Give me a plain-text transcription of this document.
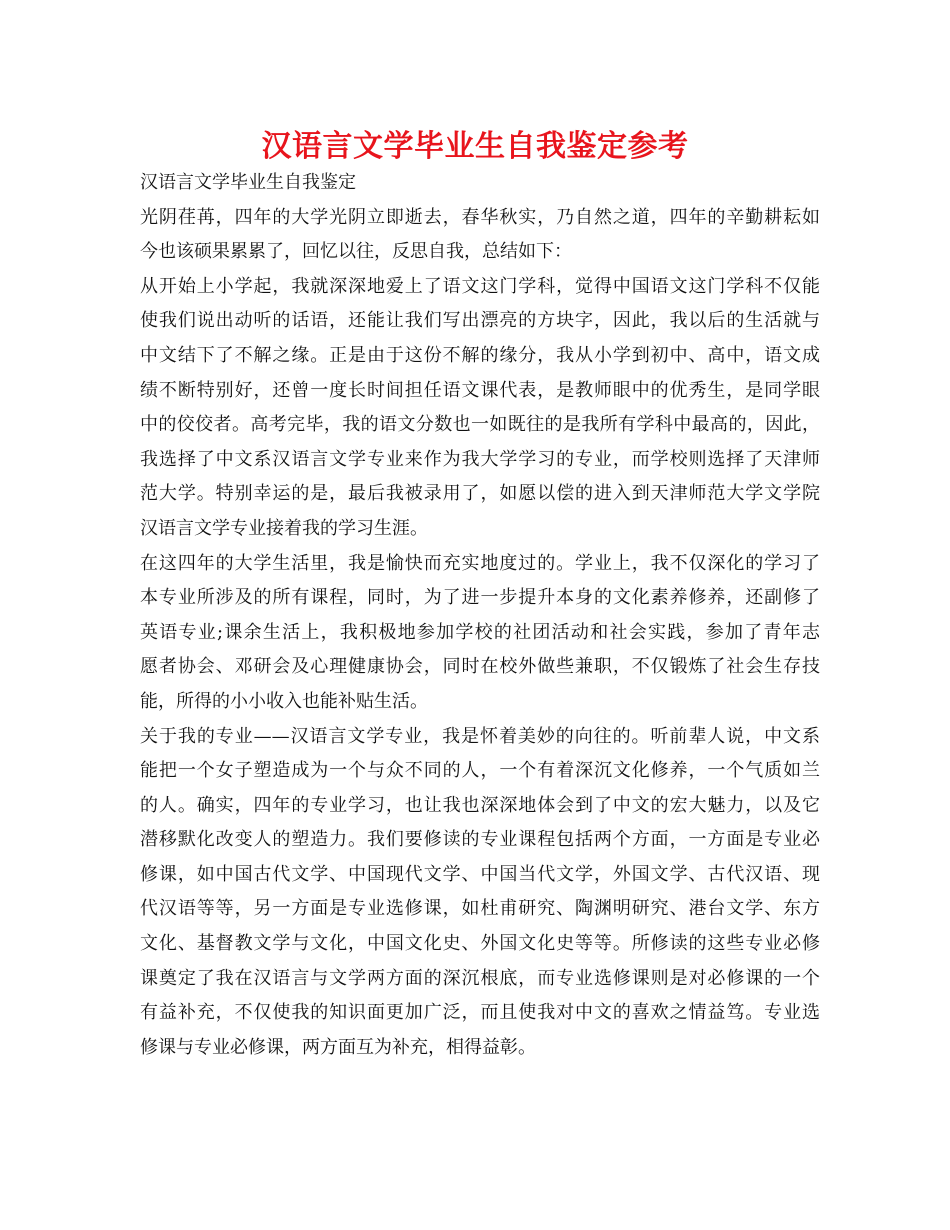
汉语言文学毕业生自我鉴定参考

汉语言文学毕业生自我鉴定

光阴荏苒，四年的大学光阴立即逝去，春华秋实，乃自然之道，四年的辛勤耕耘如
今也该硕果累累了，回忆以往，反思自我，总结如下：

从开始上小学起，我就深深地爱上了语文这门学科，觉得中国语文这门学科不仅能
使我们说出动听的话语，还能让我们写出漂亮的方块字，因此，我以后的生活就与
中文结下了不解之缘。正是由于这份不解的缘分，我从小学到初中、高中，语文成
绩不断特别好，还曾一度长时间担任语文课代表，是教师眼中的优秀生，是同学眼
中的佼佼者。高考完毕，我的语文分数也一如既往的是我所有学科中最高的，因此，
我选择了中文系汉语言文学专业来作为我大学学习的专业，而学校则选择了天津师
范大学。特别幸运的是，最后我被录用了，如愿以偿的进入到天津师范大学文学院
汉语言文学专业接着我的学习生涯。

在这四年的大学生活里，我是愉快而充实地度过的。学业上，我不仅深化的学习了
本专业所涉及的所有课程，同时，为了进一步提升本身的文化素养修养，还副修了
英语专业;课余生活上，我积极地参加学校的社团活动和社会实践，参加了青年志
愿者协会、邓研会及心理健康协会，同时在校外做些兼职，不仅锻炼了社会生存技
能，所得的小小收入也能补贴生活。

关于我的专业——汉语言文学专业，我是怀着美妙的向往的。听前辈人说，中文系
能把一个女子塑造成为一个与众不同的人，一个有着深沉文化修养，一个气质如兰
的人。确实，四年的专业学习，也让我也深深地体会到了中文的宏大魅力，以及它
潜移默化改变人的塑造力。我们要修读的专业课程包括两个方面，一方面是专业必
修课，如中国古代文学、中国现代文学、中国当代文学，外国文学、古代汉语、现
代汉语等等，另一方面是专业选修课，如杜甫研究、陶渊明研究、港台文学、东方
文化、基督教文学与文化，中国文化史、外国文化史等等。所修读的这些专业必修
课奠定了我在汉语言与文学两方面的深沉根底，而专业选修课则是对必修课的一个
有益补充，不仅使我的知识面更加广泛，而且使我对中文的喜欢之情益笃。专业选
修课与专业必修课，两方面互为补充，相得益彰。
